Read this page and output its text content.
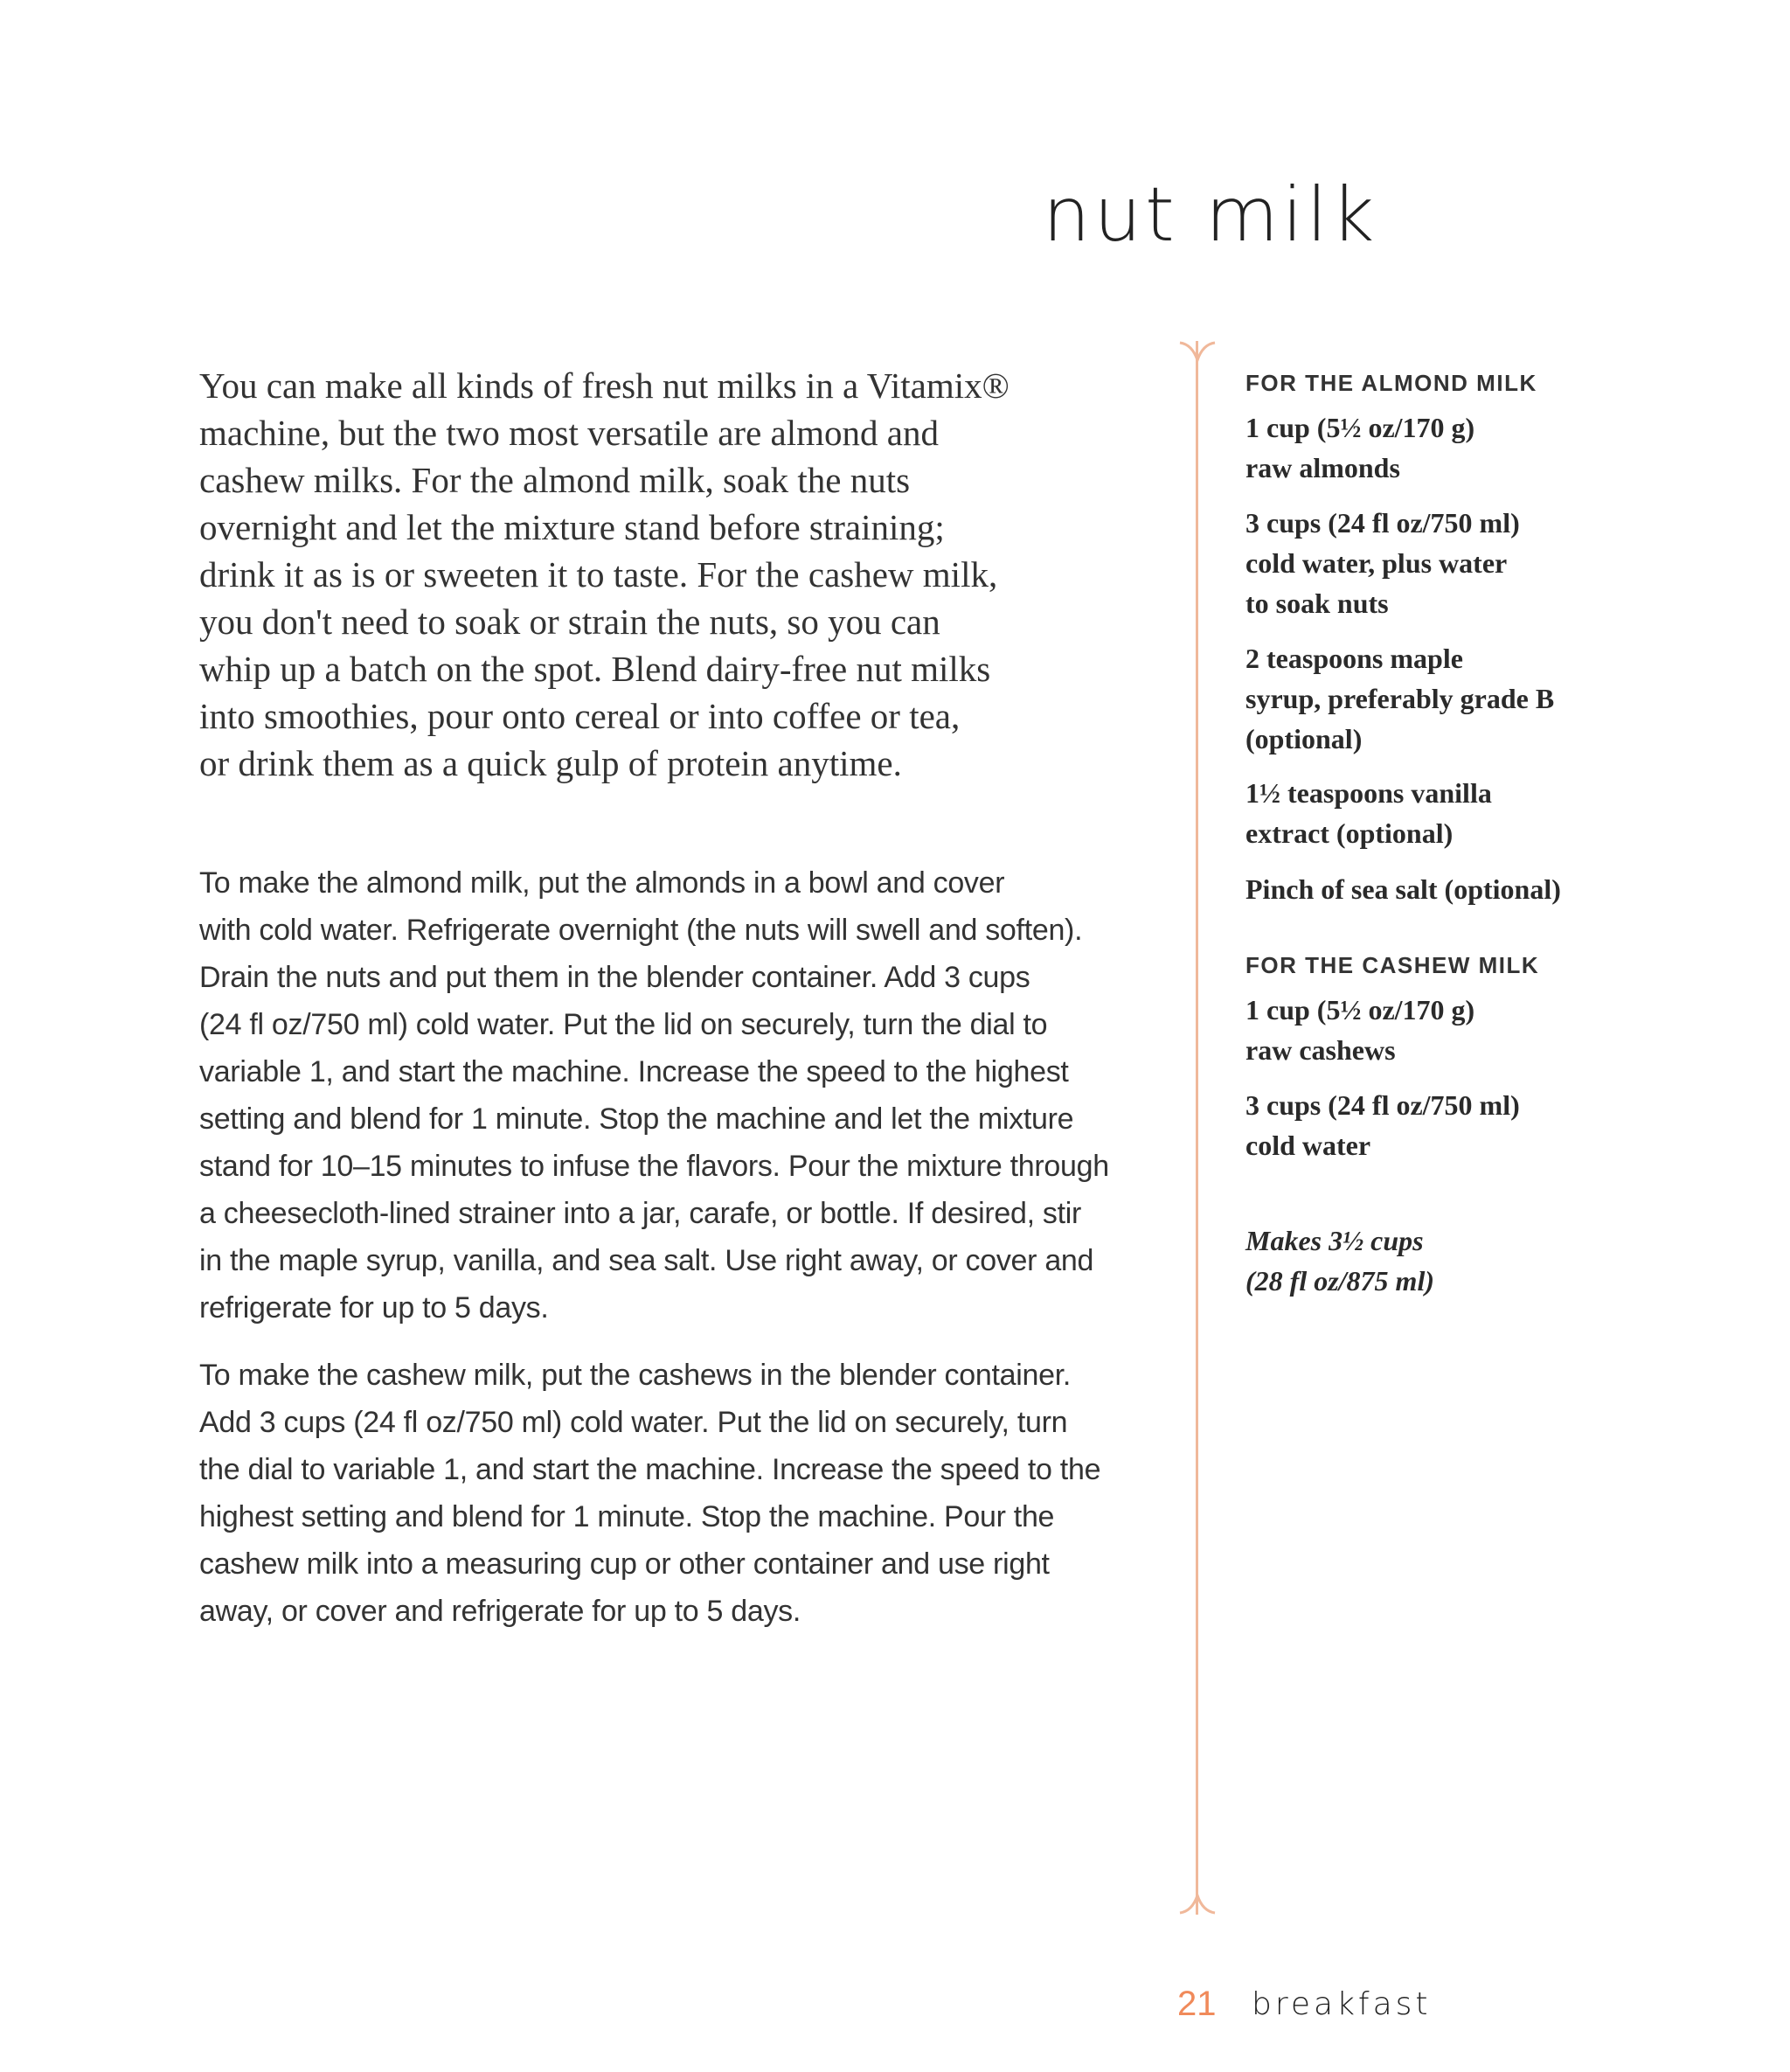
nut milk
You can make all kinds of fresh nut milks in a Vitamix®
machine, but the two most versatile are almond and
cashew milks. For the almond milk, soak the nuts
overnight and let the mixture stand before straining;
drink it as is or sweeten it to taste. For the cashew milk,
you don't need to soak or strain the nuts, so you can
whip up a batch on the spot. Blend dairy-free nut milks
into smoothies, pour onto cereal or into coffee or tea,
or drink them as a quick gulp of protein anytime.
To make the almond milk, put the almonds in a bowl and cover
with cold water. Refrigerate overnight (the nuts will swell and soften).
Drain the nuts and put them in the blender container. Add 3 cups
(24 fl oz/750 ml) cold water. Put the lid on securely, turn the dial to
variable 1, and start the machine. Increase the speed to the highest
setting and blend for 1 minute. Stop the machine and let the mixture
stand for 10–15 minutes to infuse the flavors. Pour the mixture through
a cheesecloth-lined strainer into a jar, carafe, or bottle. If desired, stir
in the maple syrup, vanilla, and sea salt. Use right away, or cover and
refrigerate for up to 5 days.
To make the cashew milk, put the cashews in the blender container.
Add 3 cups (24 fl oz/750 ml) cold water. Put the lid on securely, turn
the dial to variable 1, and start the machine. Increase the speed to the
highest setting and blend for 1 minute. Stop the machine. Pour the
cashew milk into a measuring cup or other container and use right
away, or cover and refrigerate for up to 5 days.
FOR THE ALMOND MILK
1 cup (5½ oz/170 g)
raw almonds
3 cups (24 fl oz/750 ml)
cold water, plus water
to soak nuts
2 teaspoons maple
syrup, preferably grade B
(optional)
1½ teaspoons vanilla
extract (optional)
Pinch of sea salt (optional)
FOR THE CASHEW MILK
1 cup (5½ oz/170 g)
raw cashews
3 cups (24 fl oz/750 ml)
cold water
Makes 3½ cups
(28 fl oz/875 ml)
21 breakfast
